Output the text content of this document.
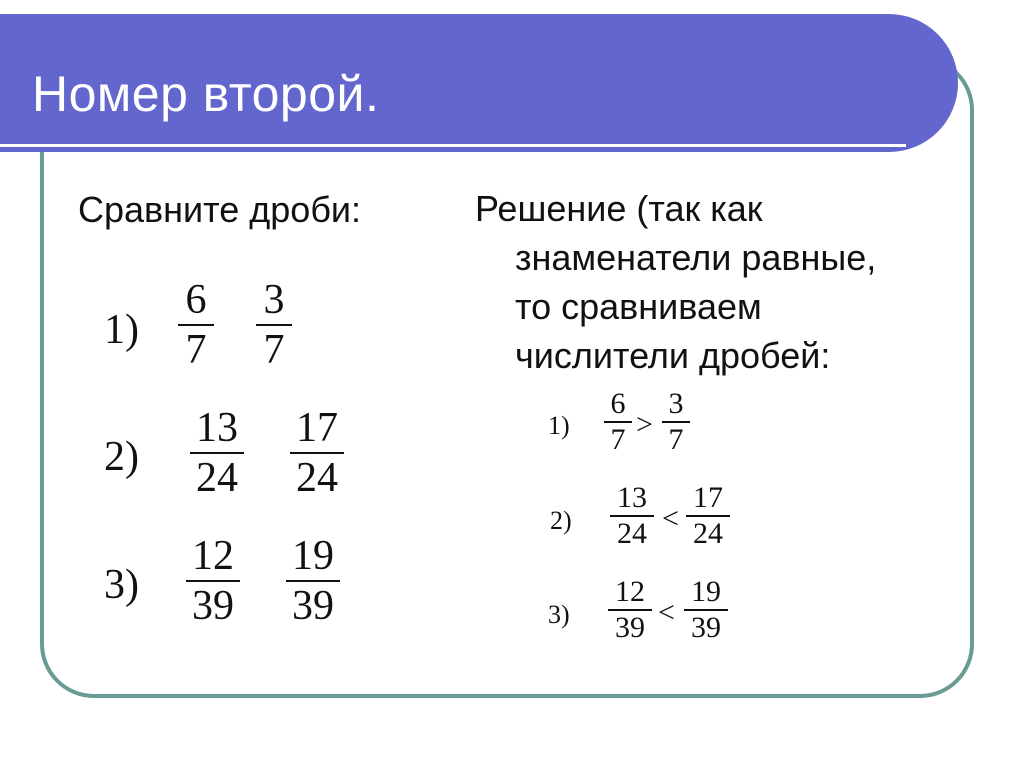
Номер второй.
Сравните дроби:	Решение (так как
знаменатели равные,
то сравниваем
числители дробей:
1)
6
7
3
7
2)
13
24
17
24
3)
12
39
19
39
1)
6
7 >
3
7
2)
13
24 <
17
24
3)
12
39 <
19
39
